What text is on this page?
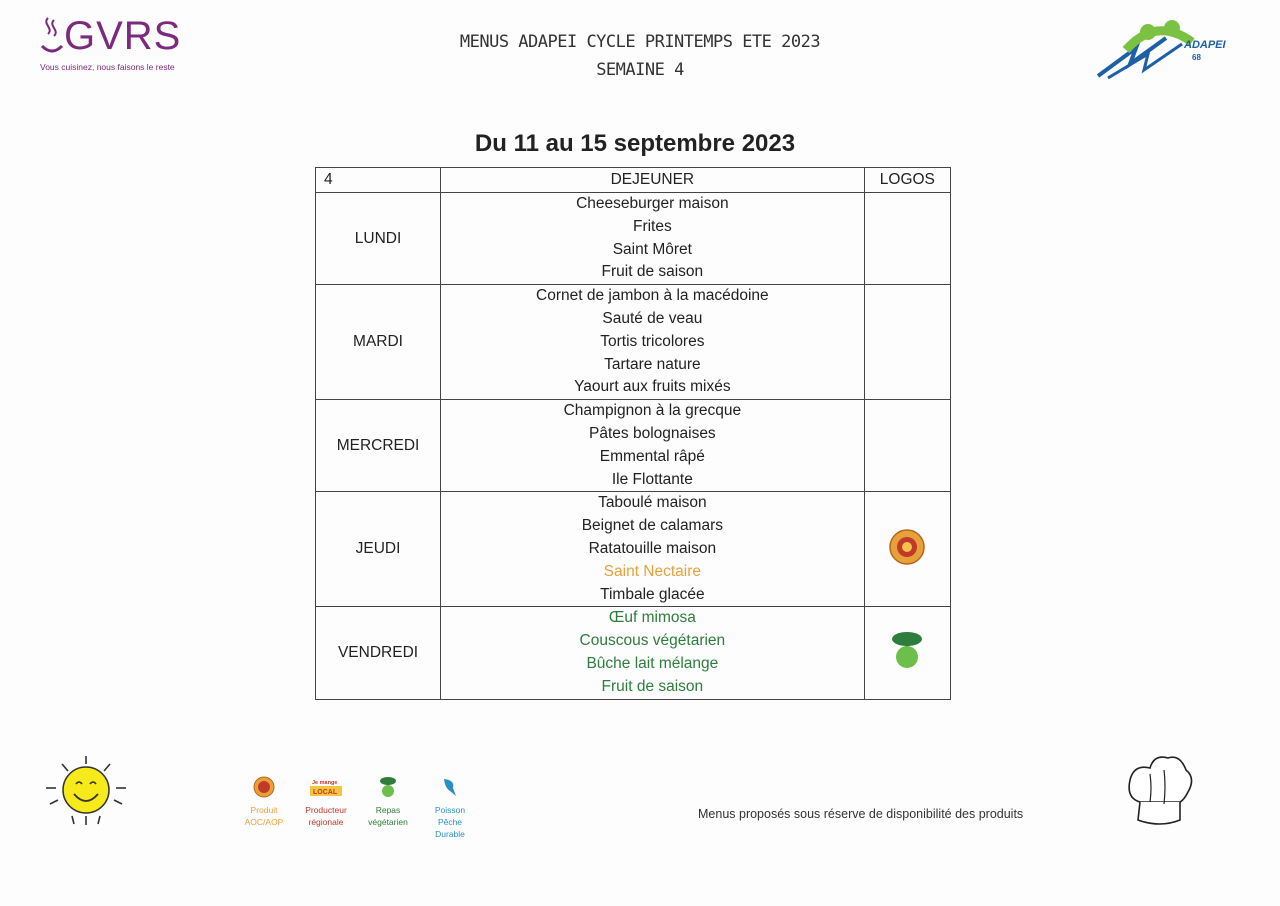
GVRS
Vous cuisinez, nous faisons le reste
MENUS ADAPEI CYCLE PRINTEMPS ETE 2023
SEMAINE 4
ADAPEI
68
Du 11 au 15 septembre 2023
4	DEJEUNER	LOGOS
LUNDI	Cheeseburger maison
Frites
Saint Môret
Fruit de saison	

MARDI	Cornet de jambon à la macédoine
Sauté de veau
Tortis tricolores
Tartare nature
Yaourt aux fruits mixés	

MERCREDI	Champignon à la grecque
Pâtes bolognaises
Emmental râpé
Ile Flottante	

JEUDI	Taboulé maison
Beignet de calamars
Ratatouille maison
Saint Nectaire
Timbale glacée

VENDREDI	Œuf mimosa
Couscous végétarien
Bûche lait mélange
Fruit de saison

Produit
AOC/AOP
Je mange
LOCAL
Producteur
régionale
Repas
végétarien
Poisson
Pêche
Durable
Menus proposés sous réserve de disponibilité des produits
